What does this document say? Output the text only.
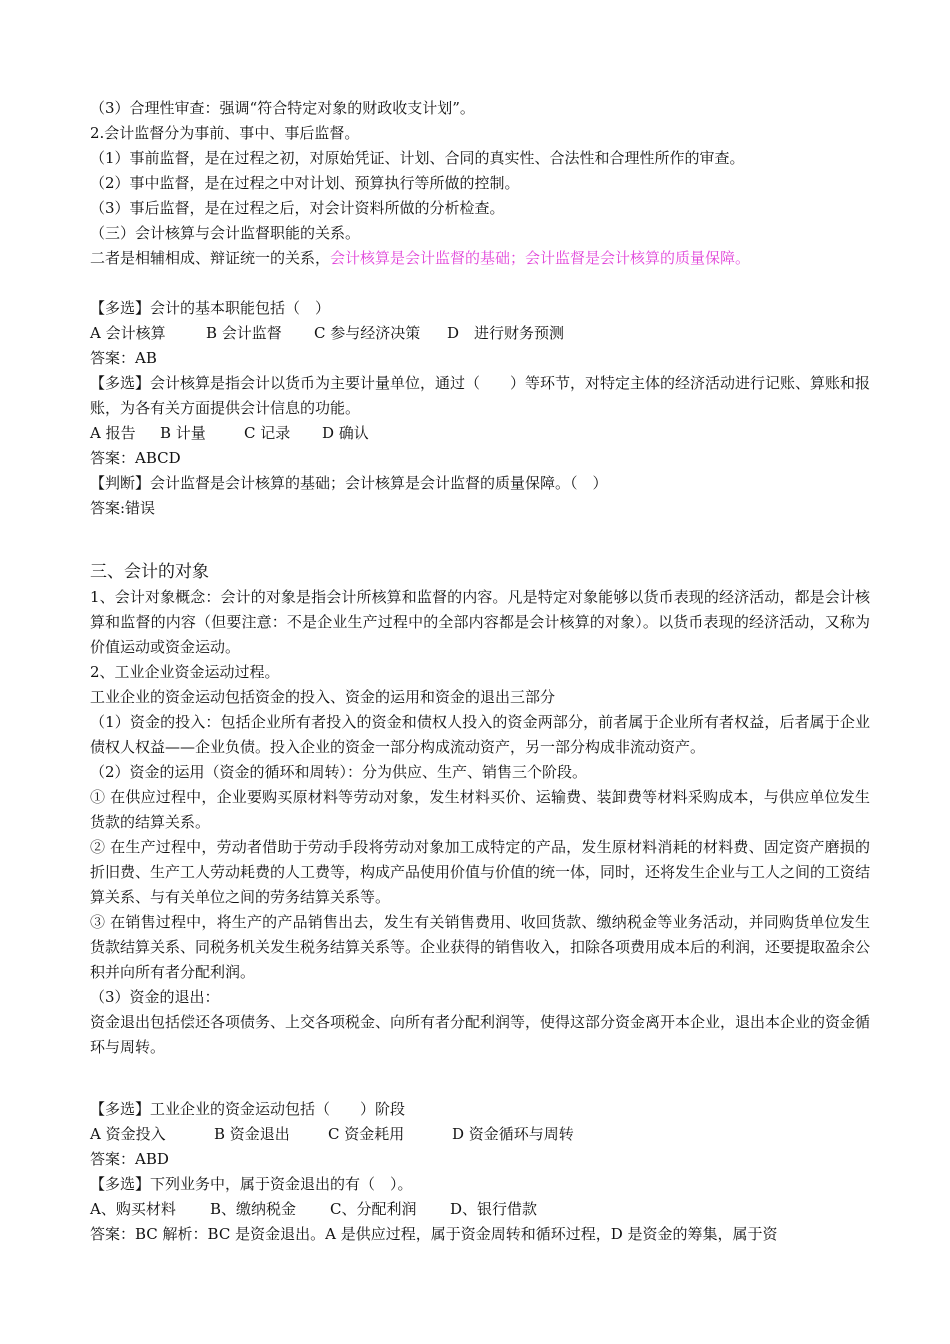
（3）合理性审查：强调“符合特定对象的财政收支计划”。
2.会计监督分为事前、事中、事后监督。
（1）事前监督，是在过程之初，对原始凭证、计划、合同的真实性、合法性和合理性所作的审查。
（2）事中监督，是在过程之中对计划、预算执行等所做的控制。
（3）事后监督，是在过程之后，对会计资料所做的分析检查。
（三）会计核算与会计监督职能的关系。
二者是相辅相成、辩证统一的关系，会计核算是会计监督的基础；会计监督是会计核算的质量保障。
【多选】会计的基本职能包括（　）
A 会计核算	B 会计监督 C 参与经济决策 D　进行财务预测
答案：AB
【多选】会计核算是指会计以货币为主要计量单位，通过（　　）等环节，对特定主体的经济活动进行记账、算账和报账，为各有关方面提供会计信息的功能。
A 报告 B 计量	C 记录 D 确认
答案：ABCD
【判断】会计监督是会计核算的基础；会计核算是会计监督的质量保障。（　）
答案:错误
三、会计的对象
1、会计对象概念：会计的对象是指会计所核算和监督的内容。凡是特定对象能够以货币表现的经济活动，都是会计核算和监督的内容（但要注意：不是企业生产过程中的全部内容都是会计核算的对象）。以货币表现的经济活动，又称为价值运动或资金运动。
2、工业企业资金运动过程。
工业企业的资金运动包括资金的投入、资金的运用和资金的退出三部分
（1）资金的投入：包括企业所有者投入的资金和债权人投入的资金两部分，前者属于企业所有者权益，后者属于企业债权人权益——企业负债。投入企业的资金一部分构成流动资产，另一部分构成非流动资产。
（2）资金的运用（资金的循环和周转）：分为供应、生产、销售三个阶段。
① 在供应过程中，企业要购买原材料等劳动对象，发生材料买价、运输费、装卸费等材料采购成本，与供应单位发生货款的结算关系。
② 在生产过程中，劳动者借助于劳动手段将劳动对象加工成特定的产品，发生原材料消耗的材料费、固定资产磨损的折旧费、生产工人劳动耗费的人工费等，构成产品使用价值与价值的统一体，同时，还将发生企业与工人之间的工资结算关系、与有关单位之间的劳务结算关系等。
③ 在销售过程中，将生产的产品销售出去，发生有关销售费用、收回货款、缴纳税金等业务活动，并同购货单位发生货款结算关系、同税务机关发生税务结算关系等。企业获得的销售收入，扣除各项费用成本后的利润，还要提取盈余公积并向所有者分配利润。
（3）资金的退出：
资金退出包括偿还各项债务、上交各项税金、向所有者分配利润等，使得这部分资金离开本企业，退出本企业的资金循环与周转。
【多选】工业企业的资金运动包括（　　）阶段
A 资金投入	B 资金退出	C 资金耗用	D 资金循环与周转
答案：ABD
【多选】下列业务中，属于资金退出的有（　）。
A、购买材料 B、缴纳税金 C、分配利润 D、银行借款
答案：BC 解析：BC 是资金退出。A 是供应过程，属于资金周转和循环过程，D 是资金的筹集，属于资
